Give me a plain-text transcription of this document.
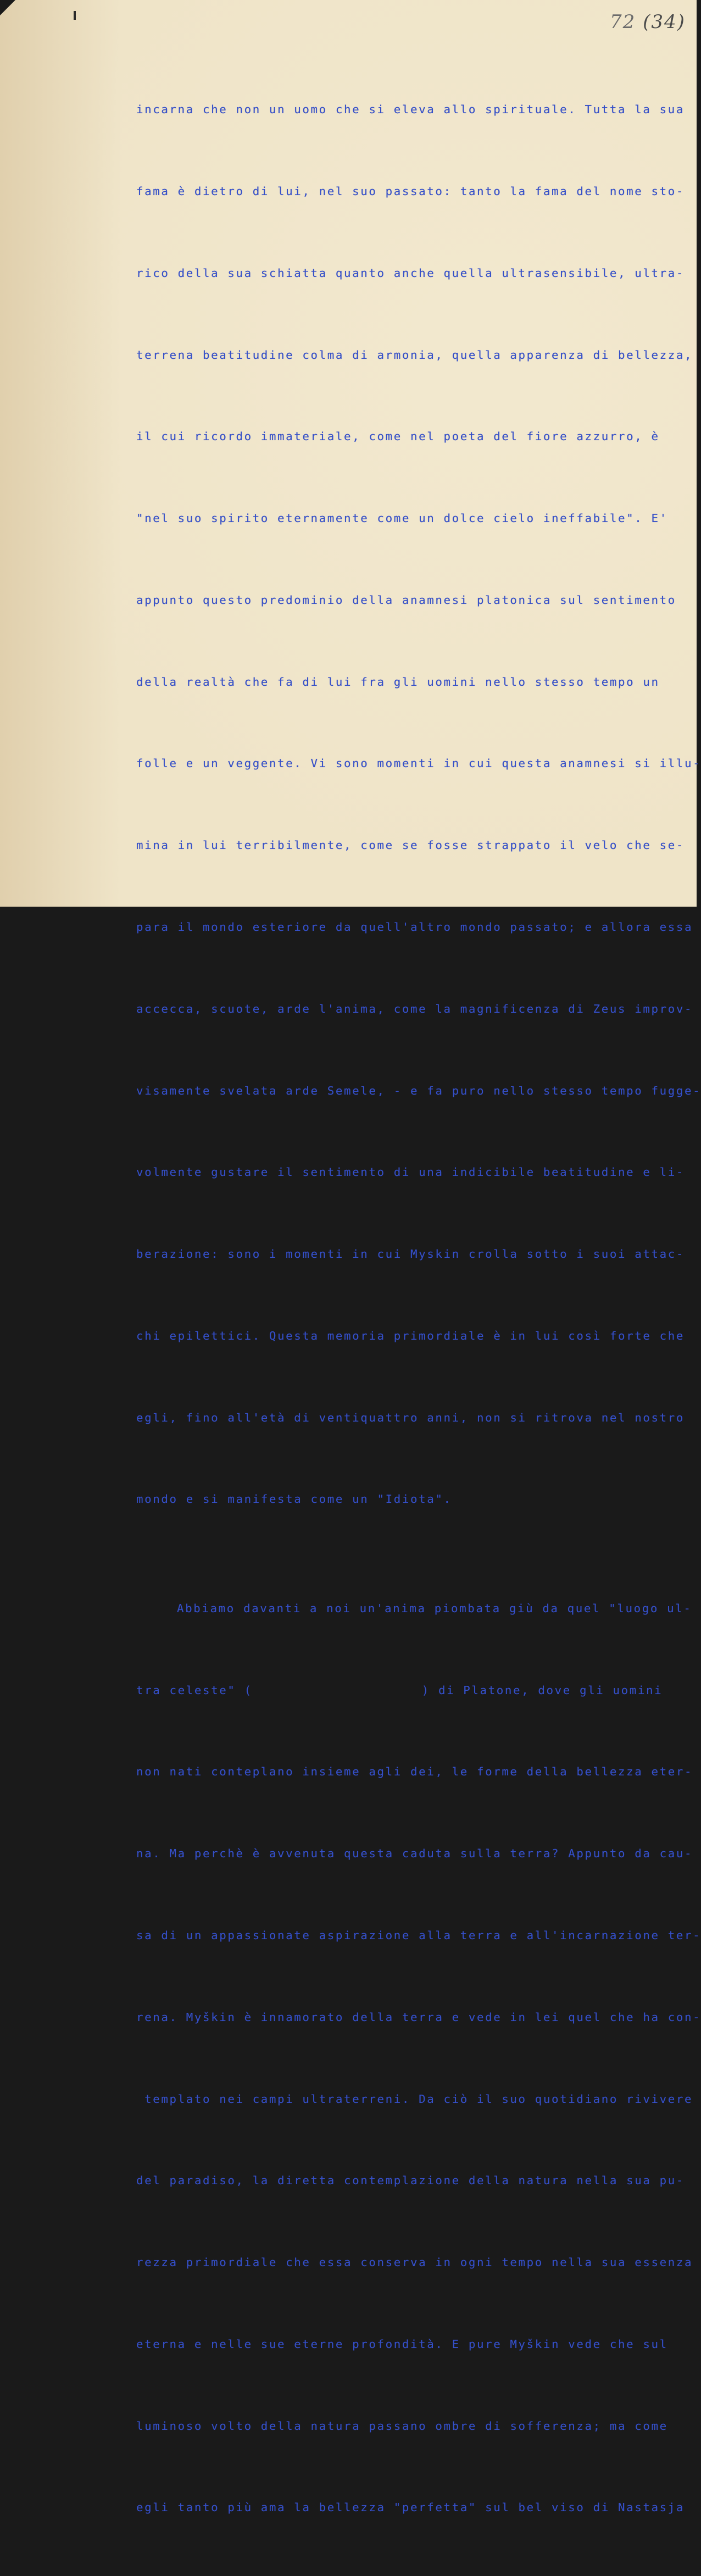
72 (34)

incarna che non un uomo che si eleva allo spirituale. Tutta la sua

fama è dietro di lui, nel suo passato: tanto la fama del nome sto-

rico della sua schiatta quanto anche quella ultrasensibile, ultra-

terrena beatitudine colma di armonia, quella apparenza di bellezza,

il cui ricordo immateriale, come nel poeta del fiore azzurro, è

"nel suo spirito eternamente come un dolce cielo ineffabile". E'

appunto questo predominio della anamnesi platonica sul sentimento

della realtà che fa di lui fra gli uomini nello stesso tempo un

folle e un veggente. Vi sono momenti in cui questa anamnesi si illu-

mina in lui terribilmente, come se fosse strappato il velo che se-

para il mondo esteriore da quell'altro mondo passato; e allora essa

accecca, scuote, arde l'anima, come la magnificenza di Zeus improv-

visamente svelata arde Semele, - e fa puro nello stesso tempo fugge-

volmente gustare il sentimento di una indicibile beatitudine e li-

berazione: sono i momenti in cui Myskin crolla sotto i suoi attac-

chi epilettici. Questa memoria primordiale è in lui così forte che

egli, fino all'età di ventiquattro anni, non si ritrova nel nostro

mondo e si manifesta come un "Idiota".

Abbiamo davanti a noi un'anima piombata giù da quel "luogo ul-

tra celeste" (	) di Platone, dove gli uomini

non nati conteplano insieme agli dei, le forme della bellezza eter-

na. Ma perchè è avvenuta questa caduta sulla terra? Appunto da cau-

sa di un appassionate aspirazione alla terra e all'incarnazione ter-

rena. Myškin è innamorato della terra e vede in lei quel che ha con-

templato nei campi ultraterreni. Da ciò il suo quotidiano rivivere

del paradiso, la diretta contemplazione della natura nella sua pu-

rezza primordiale che essa conserva in ogni tempo nella sua essenza

eterna e nelle sue eterne profondità. E pure Myškin vede che sul

luminoso volto della natura passano ombre di sofferenza; ma come

egli tanto più ama la bellezza "perfetta" sul bel viso di Nastasja
